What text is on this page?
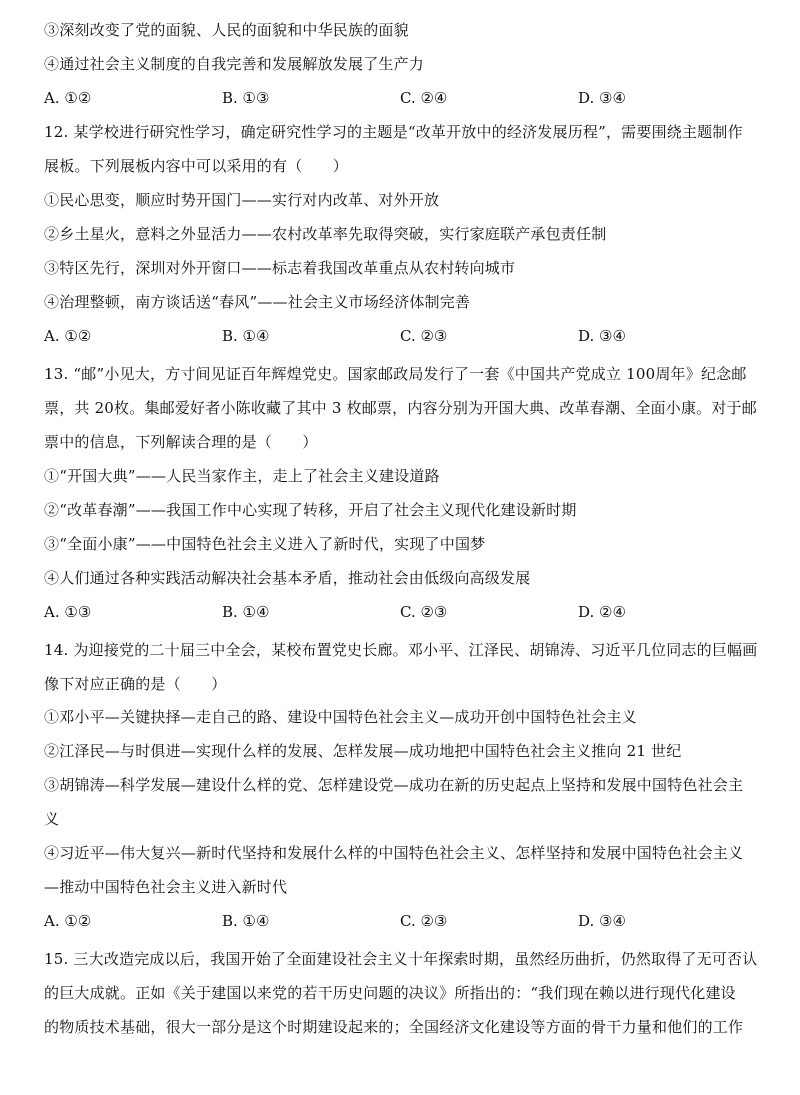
③深刻改变了党的面貌、人民的面貌和中华民族的面貌
④通过社会主义制度的自我完善和发展解放发展了生产力
A. ①②	B. ①③	C. ②④	D. ③④
12. 某学校进行研究性学习，确定研究性学习的主题是“改革开放中的经济发展历程”，需要围绕主题制作
展板。下列展板内容中可以采用的有（　　）
①民心思变，顺应时势开国门——实行对内改革、对外开放
②乡土星火，意料之外显活力——农村改革率先取得突破，实行家庭联产承包责任制
③特区先行，深圳对外开窗口——标志着我国改革重点从农村转向城市
④治理整顿，南方谈话送“春风”——社会主义市场经济体制完善
A. ①②	B. ①④	C. ②③	D. ③④
13. “邮”小见大，方寸间见证百年辉煌党史。国家邮政局发行了一套《中国共产党成立 100周年》纪念邮
票，共 20枚。集邮爱好者小陈收藏了其中 3 枚邮票，内容分别为开国大典、改革春潮、全面小康。对于邮
票中的信息，下列解读合理的是（　　）
①“开国大典”——人民当家作主，走上了社会主义建设道路
②“改革春潮”——我国工作中心实现了转移，开启了社会主义现代化建设新时期
③“全面小康”——中国特色社会主义进入了新时代，实现了中国梦
④人们通过各种实践活动解决社会基本矛盾，推动社会由低级向高级发展
A. ①③	B. ①④	C. ②③	D. ②④
14. 为迎接党的二十届三中全会，某校布置党史长廊。邓小平、江泽民、胡锦涛、习近平几位同志的巨幅画
像下对应正确的是（　　）
①邓小平—关键抉择—走自己的路、建设中国特色社会主义—成功开创中国特色社会主义
②江泽民—与时俱进—实现什么样的发展、怎样发展—成功地把中国特色社会主义推向 21 世纪
③胡锦涛—科学发展—建设什么样的党、怎样建设党—成功在新的历史起点上坚持和发展中国特色社会主
义
④习近平—伟大复兴—新时代坚持和发展什么样的中国特色社会主义、怎样坚持和发展中国特色社会主义
—推动中国特色社会主义进入新时代
A. ①②	B. ①④	C. ②③	D. ③④
15. 三大改造完成以后，我国开始了全面建设社会主义十年探索时期，虽然经历曲折，仍然取得了无可否认
的巨大成就。正如《关于建国以来党的若干历史问题的决议》所指出的：“我们现在赖以进行现代化建设
的物质技术基础，很大一部分是这个时期建设起来的；全国经济文化建设等方面的骨干力量和他们的工作
